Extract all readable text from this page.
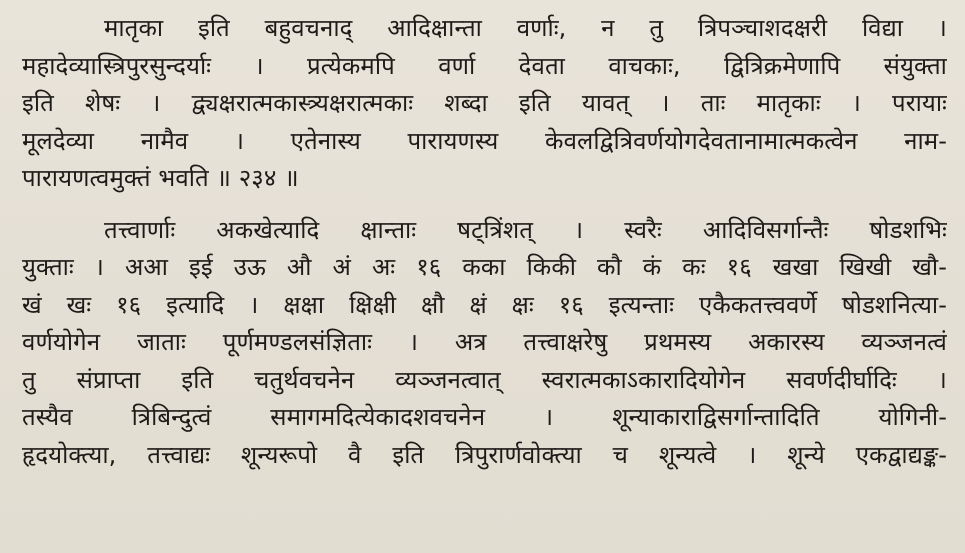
मातृका इति बहुवचनाद् आदिक्षान्ता वर्णाः, न तु त्रिपञ्चाशदक्षरी विद्या ।
महादेव्यास्त्रिपुरसुन्दर्याः । प्रत्येकमपि वर्णा देवता वाचकाः, द्वित्रिक्रमेणापि संयुक्ता
इति शेषः । द्व्यक्षरात्मकास्त्र्यक्षरात्मकाः शब्दा इति यावत् । ताः मातृकाः । परायाः
मूलदेव्या नामैव । एतेनास्य पारायणस्य केवलद्वित्रिवर्णयोगदेवतानामात्मकत्वेन नाम-
पारायणत्वमुक्तं भवति ॥ २३४ ॥
तत्त्वार्णाः अकखेत्यादि क्षान्ताः षट्त्रिंशत् । स्वरैः आदिविसर्गान्तैः षोडशभिः
युक्ताः । अआ इई उऊ औ अं अः १६ कका किकी कौ कं कः १६ खखा खिखी खौ-
खं खः १६ इत्यादि । क्षक्षा क्षिक्षी क्षौ क्षं क्षः १६ इत्यन्ताः एकैकतत्त्ववर्णे षोडशनित्या-
वर्णयोगेन जाताः पूर्णमण्डलसंज्ञिताः । अत्र तत्त्वाक्षरेषु प्रथमस्य अकारस्य व्यञ्जनत्वं
तु संप्राप्ता इति चतुर्थवचनेन व्यञ्जनत्वात् स्वरात्मकाऽकारादियोगेन सवर्णदीर्घादिः ।
तस्यैव त्रिबिन्दुत्वं समागमदित्येकादशवचनेन । शून्याकाराद्विसर्गान्तादिति योगिनी-
हृदयोक्त्या, तत्त्वाद्यः शून्यरूपो वै इति त्रिपुरार्णवोक्त्या च शून्यत्वे । शून्ये एकद्वाद्यङ्क-
